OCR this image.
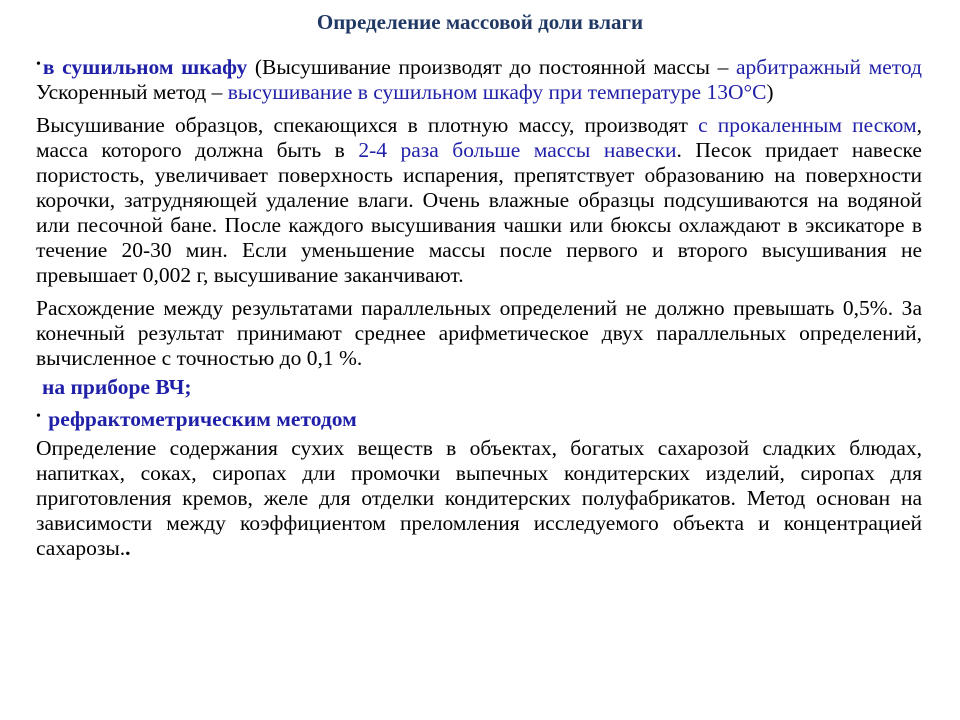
Определение массовой доли влаги

•в сушильном шкафу (Высушивание производят до постоянной массы – арбитражный метод Ускоренный метод – высушивание в сушильном шкафу при температуре 13О°С)

Высушивание образцов, спекающихся в плотную массу, производят с прокаленным песком, масса которого должна быть в 2-4 раза больше массы навески. Песок придает навеске пористость, увеличивает поверхность испарения, препятствует образованию на поверхности корочки, затрудняющей удаление влаги. Очень влажные образцы подсушиваются на водяной или песочной бане. После каждого высушивания чашки или бюксы охлаждают в эксикаторе в течение 20-30 мин. Если уменьшение массы после первого и второго высушивания не превышает 0,002 г, высушивание заканчивают.

Расхождение между результатами параллельных определений не должно превышать 0,5%. За конечный результат принимают среднее арифметическое двух параллельных определений, вычисленное с точностью до 0,1 %.

на приборе ВЧ;

• рефрактометрическим методом

Определение содержания сухих веществ в объектах, богатых сахарозой сладких блюдах, напитках, соках, сиропах дли промочки выпечных кондитерских изделий, сиропах для приготовления кремов, желе для отделки кондитерских полуфабрикатов. Метод основан на зависимости между коэффициентом преломления исследуемого объекта и концентрацией сахарозы..
